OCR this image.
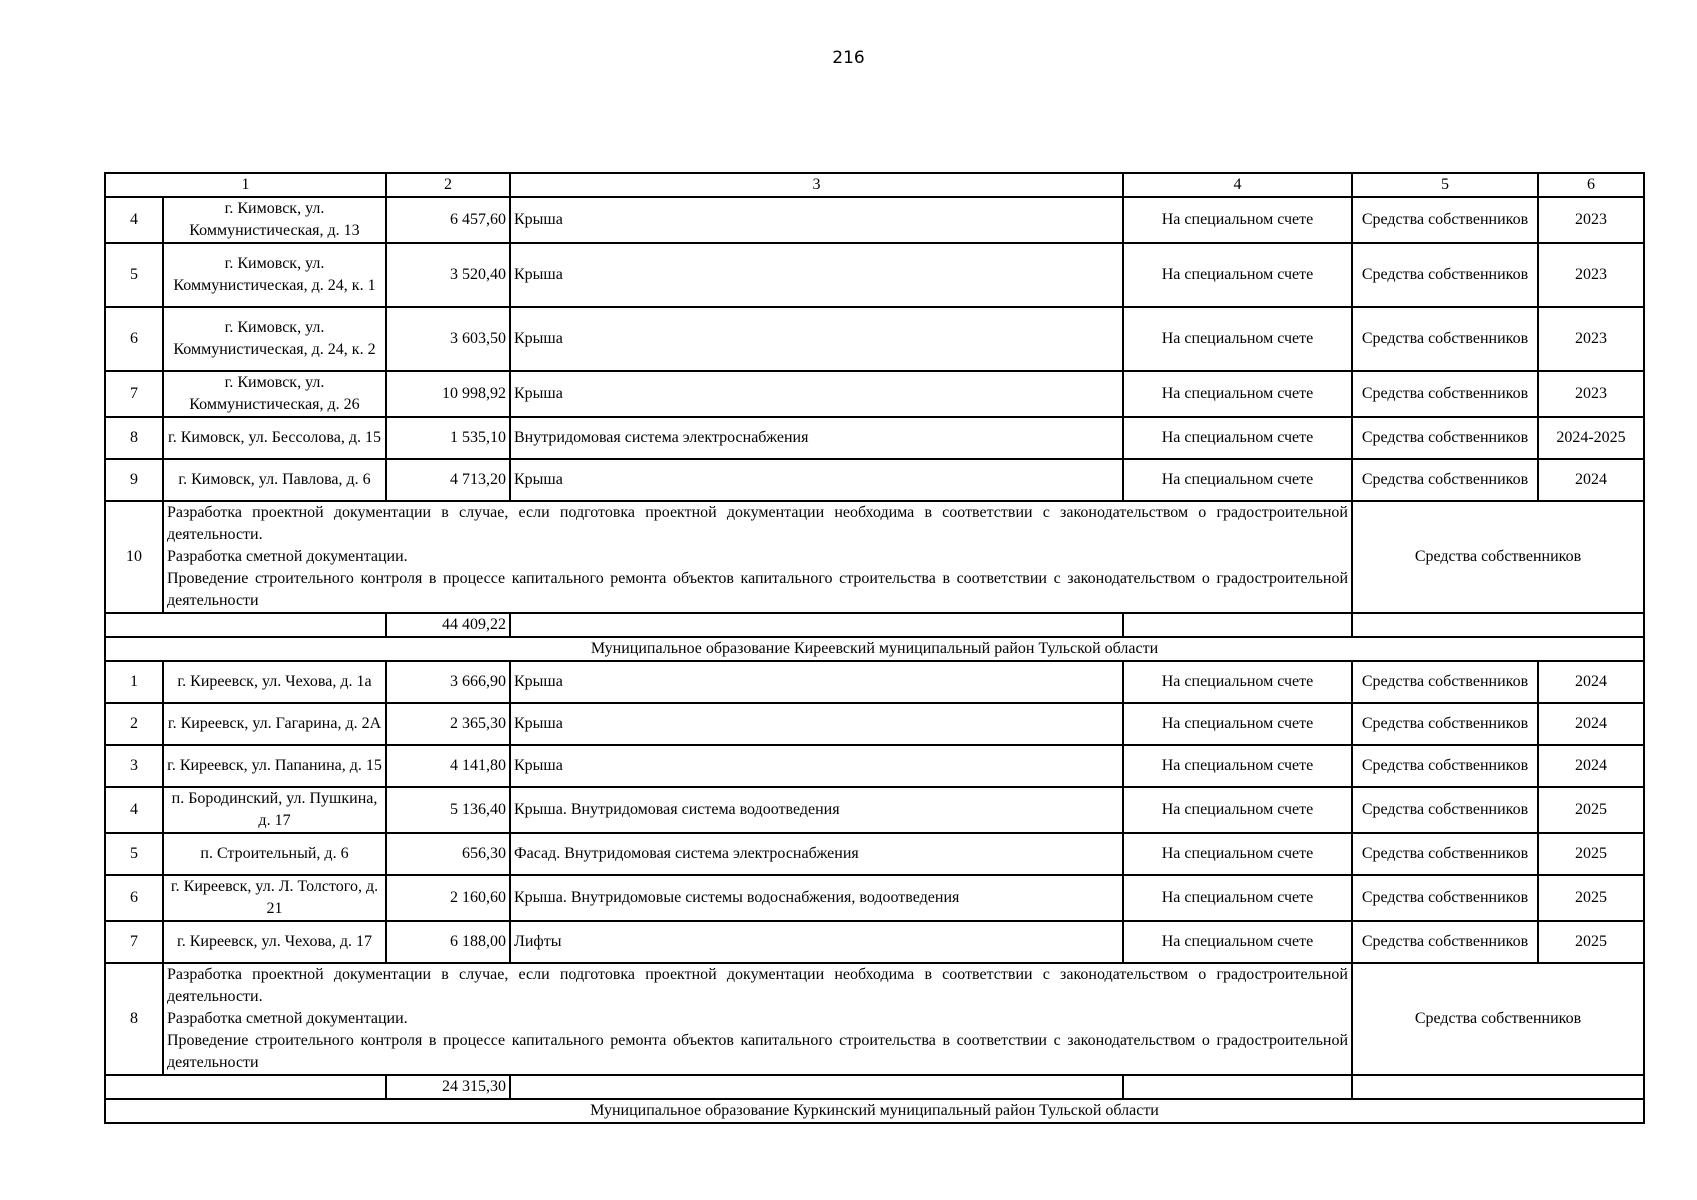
216
1		2	3	4	5	6
4	г. Кимовск, ул. Коммунистическая, д. 13	6 457,60	Крыша	На специальном счете	Средства собственников	2023
5	г. Кимовск, ул. Коммунистическая, д. 24, к. 1	3 520,40	Крыша	На специальном счете	Средства собственников	2023
6	г. Кимовск, ул. Коммунистическая, д. 24, к. 2	3 603,50	Крыша	На специальном счете	Средства собственников	2023
7	г. Кимовск, ул. Коммунистическая, д. 26	10 998,92	Крыша	На специальном счете	Средства собственников	2023
8	г. Кимовск, ул. Бессолова, д. 15	1 535,10	Внутридомовая система электроснабжения	На специальном счете	Средства собственников	2024-2025
9	г. Кимовск, ул. Павлова, д. 6	4 713,20	Крыша	На специальном счете	Средства собственников	2024
10	Разработка проектной документации в случае, если подготовка проектной документации необходима в соответствии с законодательством о градостроительной деятельности.
Разработка сметной документации.
Проведение строительного контроля в процессе капитального ремонта объектов капитального строительства в соответствии с законодательством о градостроительной деятельности				Средства собственников	
		44 409,22				
Муниципальное образование Киреевский муниципальный район Тульской области						
1	г. Киреевск, ул. Чехова, д. 1а	3 666,90	Крыша	На специальном счете	Средства собственников	2024
2	г. Киреевск, ул. Гагарина, д. 2А	2 365,30	Крыша	На специальном счете	Средства собственников	2024
3	г. Киреевск, ул. Папанина, д. 15	4 141,80	Крыша	На специальном счете	Средства собственников	2024
4	п. Бородинский, ул. Пушкина, д. 17	5 136,40	Крыша. Внутридомовая система водоотведения	На специальном счете	Средства собственников	2025
5	п. Строительный, д. 6	656,30	Фасад. Внутридомовая система электроснабжения	На специальном счете	Средства собственников	2025
6	г. Киреевск, ул. Л. Толстого, д. 21	2 160,60	Крыша. Внутридомовые системы водоснабжения, водоотведения	На специальном счете	Средства собственников	2025
7	г. Киреевск, ул. Чехова, д. 17	6 188,00	Лифты	На специальном счете	Средства собственников	2025
8	Разработка проектной документации в случае, если подготовка проектной документации необходима в соответствии с законодательством о градостроительной деятельности.
Разработка сметной документации.
Проведение строительного контроля в процессе капитального ремонта объектов капитального строительства в соответствии с законодательством о градостроительной деятельности				Средства собственников	
		24 315,30				
Муниципальное образование Куркинский муниципальный район Тульской области						
